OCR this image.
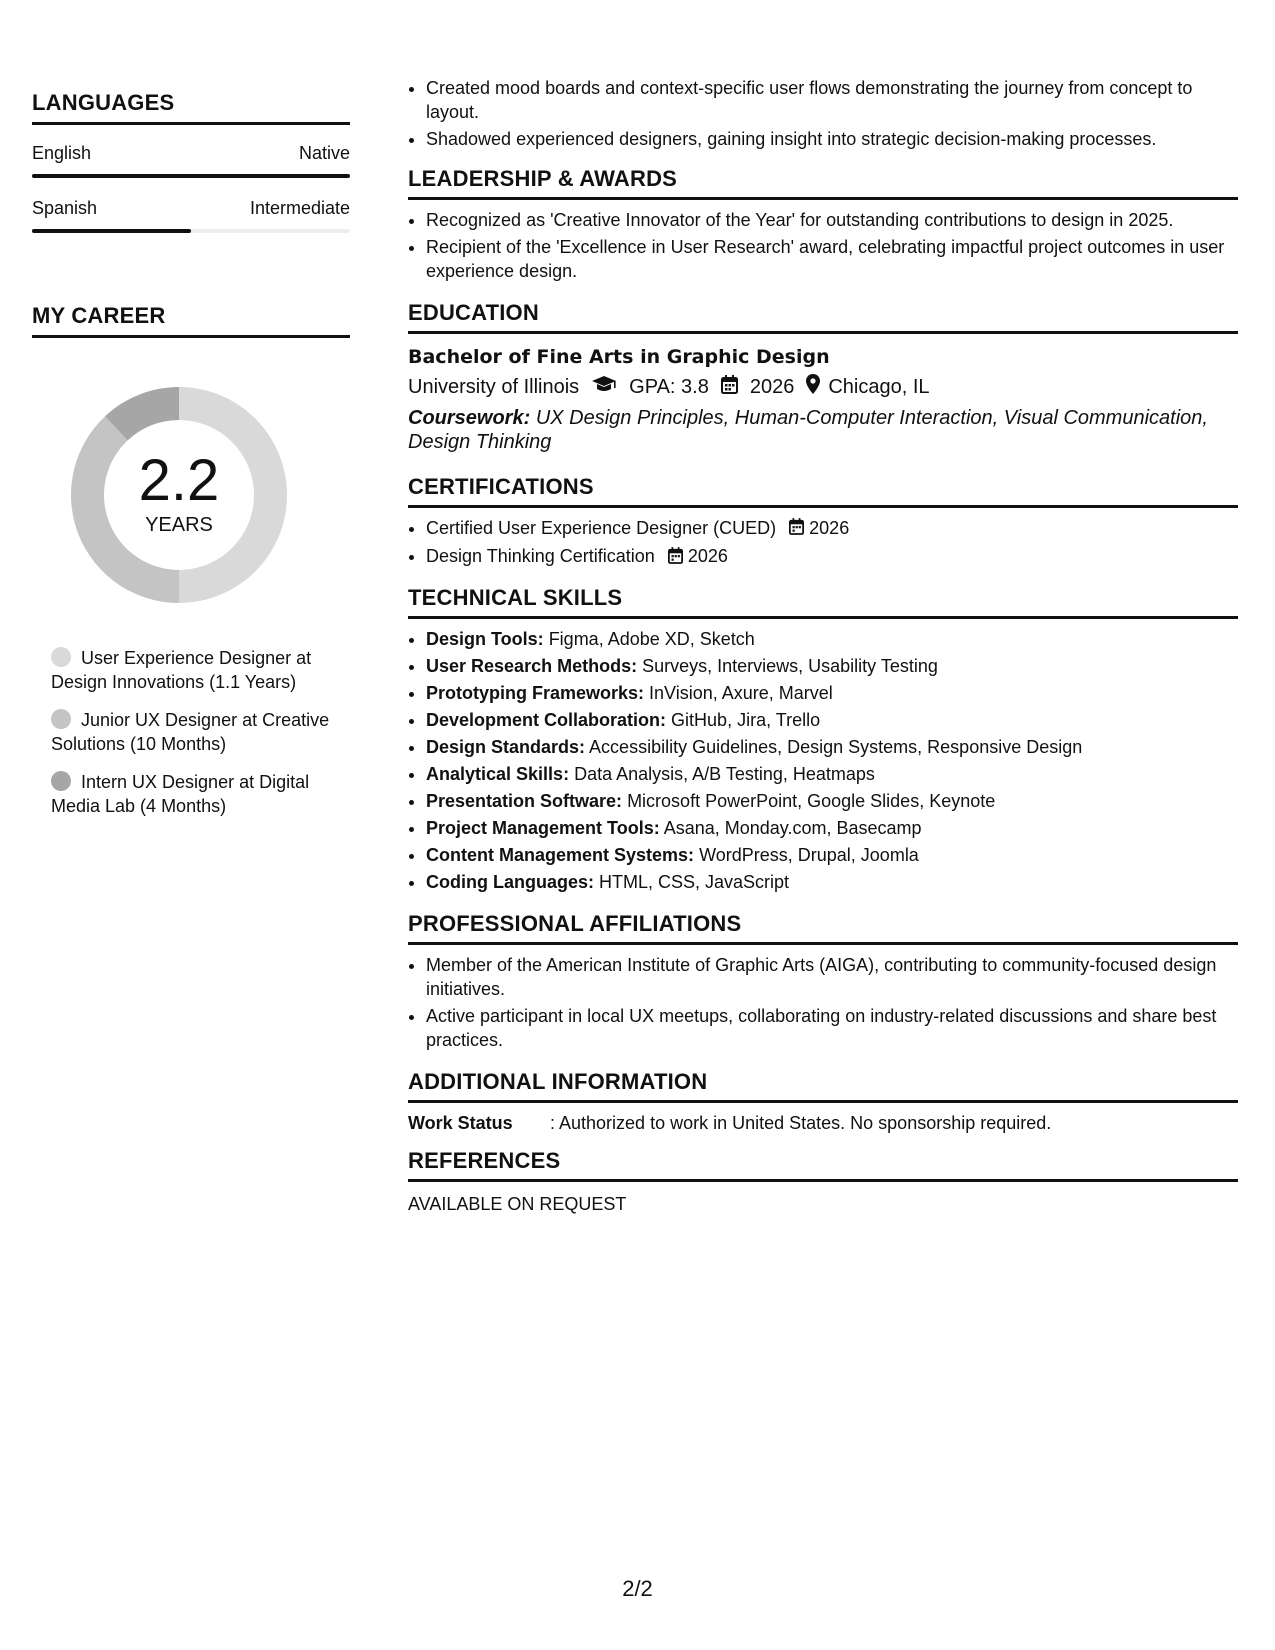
LANGUAGES
English	Native
Spanish	Intermediate
MY CAREER
2.2
YEARS
User Experience Designer at Design Innovations (1.1 Years)
Junior UX Designer at Creative Solutions (10 Months)
Intern UX Designer at Digital Media Lab (4 Months)
• Created mood boards and context-specific user flows demonstrating the journey from concept to layout.
• Shadowed experienced designers, gaining insight into strategic decision-making processes.
LEADERSHIP & AWARDS
• Recognized as 'Creative Innovator of the Year' for outstanding contributions to design in 2025.
• Recipient of the 'Excellence in User Research' award, celebrating impactful project outcomes in user experience design.
EDUCATION
Bachelor of Fine Arts in Graphic Design
University of Illinois	GPA: 3.8 2026 Chicago, IL
Coursework: UX Design Principles, Human-Computer Interaction, Visual Communication, Design Thinking
CERTIFICATIONS
• Certified User Experience Designer (CUED) 2026
• Design Thinking Certification 2026
TECHNICAL SKILLS
• Design Tools: Figma, Adobe XD, Sketch
• User Research Methods: Surveys, Interviews, Usability Testing
• Prototyping Frameworks: InVision, Axure, Marvel
• Development Collaboration: GitHub, Jira, Trello
• Design Standards: Accessibility Guidelines, Design Systems, Responsive Design
• Analytical Skills: Data Analysis, A/B Testing, Heatmaps
• Presentation Software: Microsoft PowerPoint, Google Slides, Keynote
• Project Management Tools: Asana, Monday.com, Basecamp
• Content Management Systems: WordPress, Drupal, Joomla
• Coding Languages: HTML, CSS, JavaScript
PROFESSIONAL AFFILIATIONS
• Member of the American Institute of Graphic Arts (AIGA), contributing to community-focused design initiatives.
• Active participant in local UX meetups, collaborating on industry-related discussions and share best practices.
ADDITIONAL INFORMATION
Work Status	: Authorized to work in United States. No sponsorship required.
REFERENCES
AVAILABLE ON REQUEST
2/2
